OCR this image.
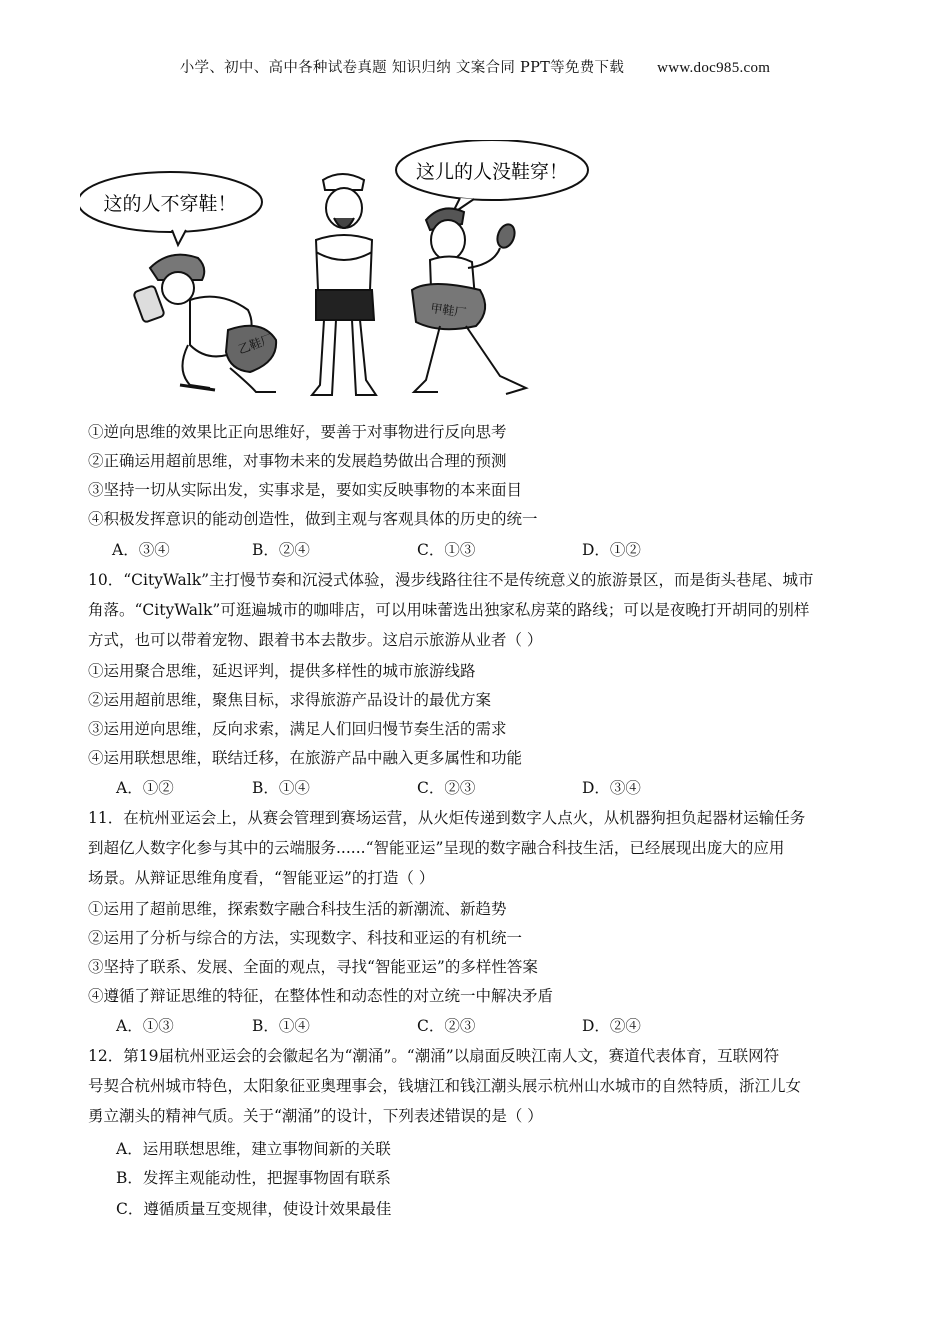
小学、初中、高中各种试卷真题 知识归纳 文案合同 PPT等免费下载 www.doc985.com
这的人不穿鞋！
这儿的人没鞋穿！
乙鞋厂
甲鞋厂
①逆向思维的效果比正向思维好，要善于对事物进行反向思考
②正确运用超前思维，对事物未来的发展趋势做出合理的预测
③坚持一切从实际出发，实事求是，要如实反映事物的本来面目
④积极发挥意识的能动创造性，做到主观与客观具体的历史的统一
A．③④	B．②④	C．①③	D．①②
10．“CityWalk”主打慢节奏和沉浸式体验，漫步线路往往不是传统意义的旅游景区，而是街头巷尾、城市
角落。“CityWalk”可逛遍城市的咖啡店，可以用味蕾选出独家私房菜的路线；可以是夜晚打开胡同的别样
方式，也可以带着宠物、跟着书本去散步。这启示旅游从业者（ ）
①运用聚合思维，延迟评判，提供多样性的城市旅游线路
②运用超前思维，聚焦目标，求得旅游产品设计的最优方案
③运用逆向思维，反向求索，满足人们回归慢节奏生活的需求
④运用联想思维，联结迁移，在旅游产品中融入更多属性和功能
A．①②	B．①④	C．②③	D．③④
11．在杭州亚运会上，从赛会管理到赛场运营，从火炬传递到数字人点火，从机器狗担负起器材运输任务
到超亿人数字化参与其中的云端服务......“智能亚运”呈现的数字融合科技生活，已经展现出庞大的应用
场景。从辩证思维角度看，“智能亚运”的打造（ ）
①运用了超前思维，探索数字融合科技生活的新潮流、新趋势
②运用了分析与综合的方法，实现数字、科技和亚运的有机统一
③坚持了联系、发展、全面的观点，寻找“智能亚运”的多样性答案
④遵循了辩证思维的特征，在整体性和动态性的对立统一中解决矛盾
A．①③	B．①④	C．②③	D．②④
12．第19届杭州亚运会的会徽起名为“潮涌”。“潮涌”以扇面反映江南人文，赛道代表体育，互联网符
号契合杭州城市特色，太阳象征亚奥理事会，钱塘江和钱江潮头展示杭州山水城市的自然特质，浙江儿女
勇立潮头的精神气质。关于“潮涌”的设计，下列表述错误的是（ ）
A．运用联想思维，建立事物间新的关联
B．发挥主观能动性，把握事物固有联系
C．遵循质量互变规律，使设计效果最佳
